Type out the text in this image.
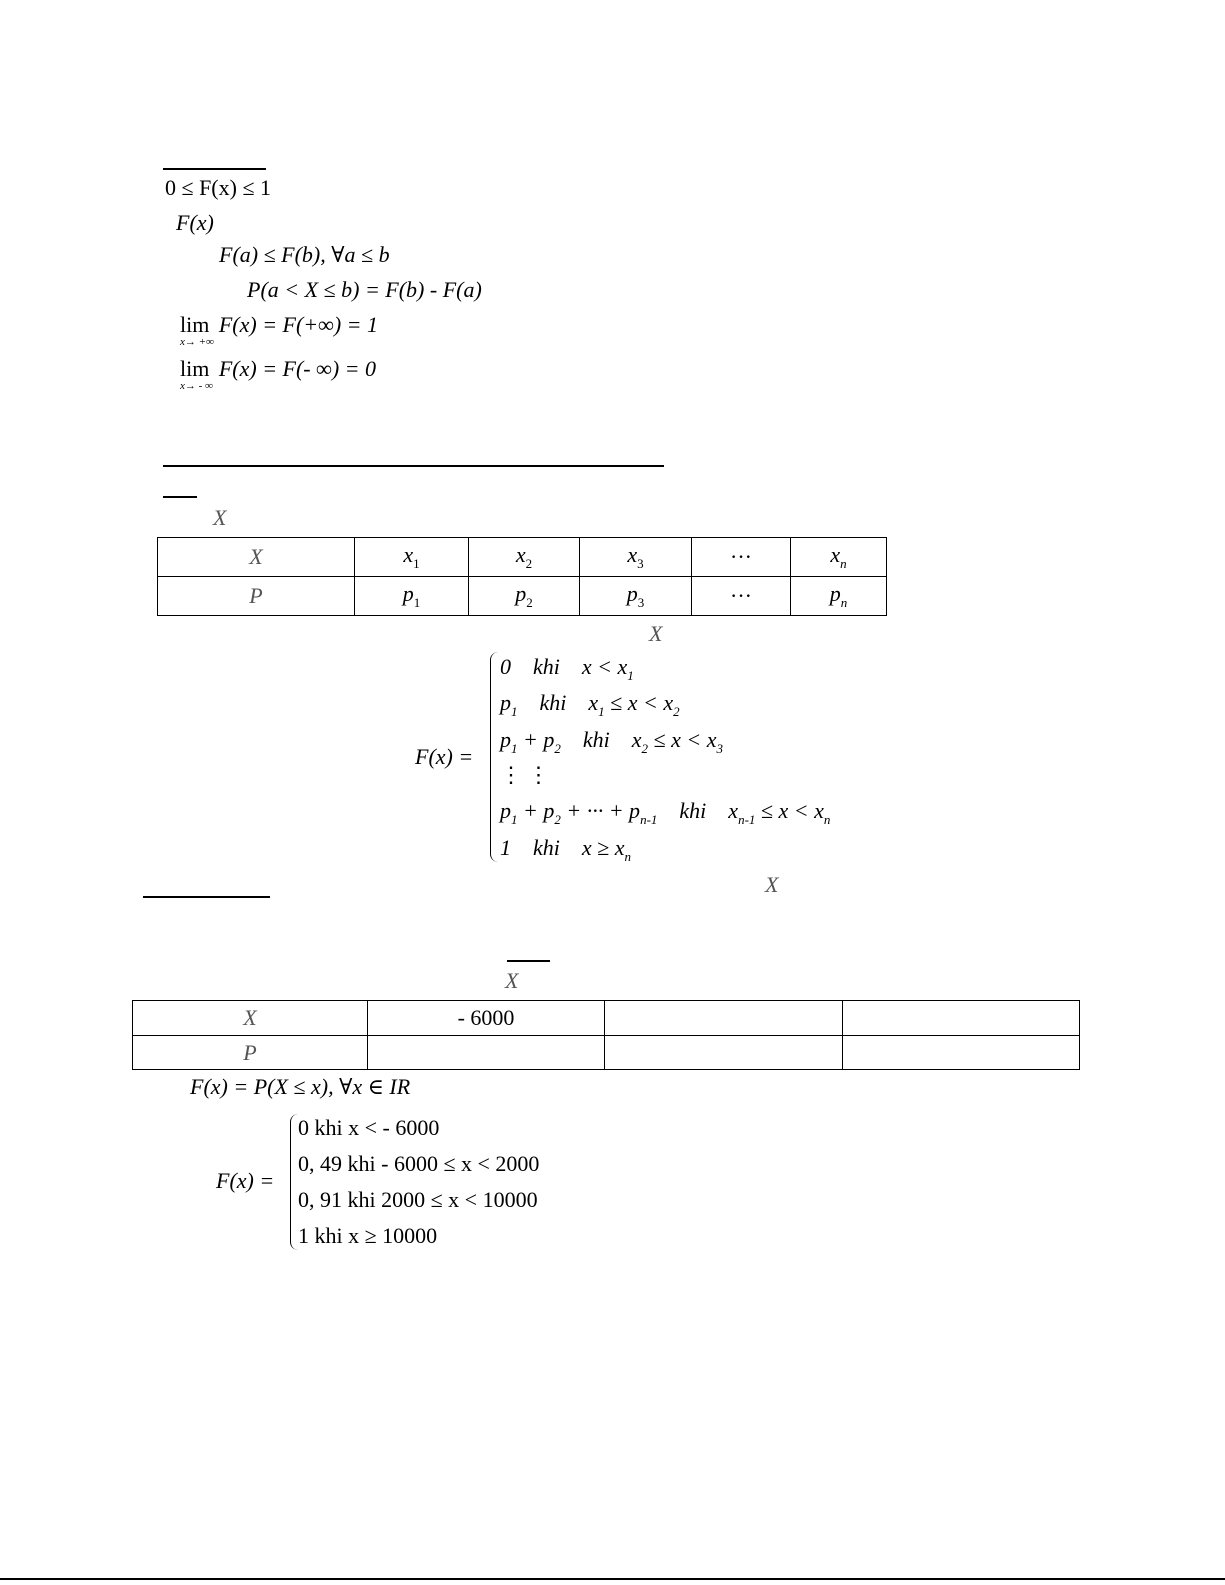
0 ≤ F(x) ≤ 1
F(x)
F(a) ≤ F(b), ∀a ≤ b
P(a < X ≤ b) = F(b) - F(a)
lim F(x) = F(+∞) = 1
x→ +∞
lim F(x) = F(- ∞) = 0
x→ - ∞
X
X	$x_1$	$x_2$	$x_3$	···	$x_n$
P	$p_1$	$p_2$	$p_3$	···	$p_n$
X
F(x) =
0    khi    $x < x_1$
$p_1$    khi    $x_1 \le x < x_2$
$p_1 + p_2$    khi    $x_2 \le x < x_3$
⋮ ⋮
$p_1 + p_2$ + ··· + $p_{n-1}$    khi    $x_{n-1} \le x < x_n$
1    khi    $x \ge x_n$
X
X
X	- 6000		
P			
F(x) = P(X ≤ x), ∀x ∈ IR
F(x) =
0 khi x < - 6000
0, 49 khi - 6000 ≤ x < 2000
0, 91 khi 2000 ≤ x < 10000
1 khi x ≥ 10000
